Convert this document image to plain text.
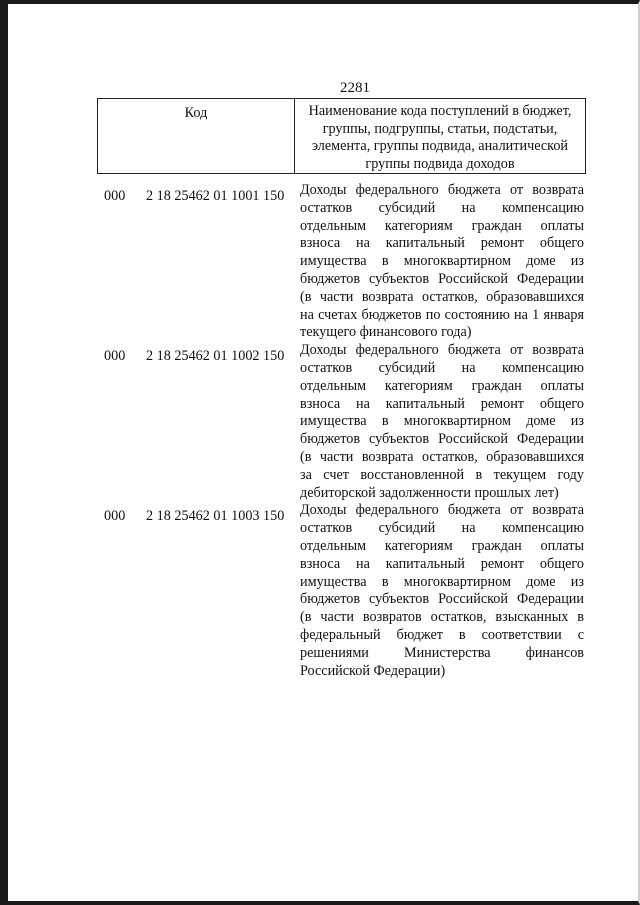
2281
Код	Наименование кода поступлений в бюджет,
группы, подгруппы, статьи, подстатьи,
элемента, группы подвида, аналитической
группы подвида доходов
000	2 18 25462 01 1001 150	Доходы федерального бюджета от возврата
остатков субсидий на компенсацию
отдельным категориям граждан оплаты
взноса на капитальный ремонт общего
имущества в многоквартирном доме из
бюджетов субъектов Российской Федерации
(в части возврата остатков, образовавшихся
на счетах бюджетов по состоянию на 1 января
текущего финансового года)
000	2 18 25462 01 1002 150	Доходы федерального бюджета от возврата
остатков субсидий на компенсацию
отдельным категориям граждан оплаты
взноса на капитальный ремонт общего
имущества в многоквартирном доме из
бюджетов субъектов Российской Федерации
(в части возврата остатков, образовавшихся
за счет восстановленной в текущем году
дебиторской задолженности прошлых лет)
000	2 18 25462 01 1003 150	Доходы федерального бюджета от возврата
остатков субсидий на компенсацию
отдельным категориям граждан оплаты
взноса на капитальный ремонт общего
имущества в многоквартирном доме из
бюджетов субъектов Российской Федерации
(в части возвратов остатков, взысканных в
федеральный бюджет в соответствии с
решениями Министерства финансов
Российской Федерации)
